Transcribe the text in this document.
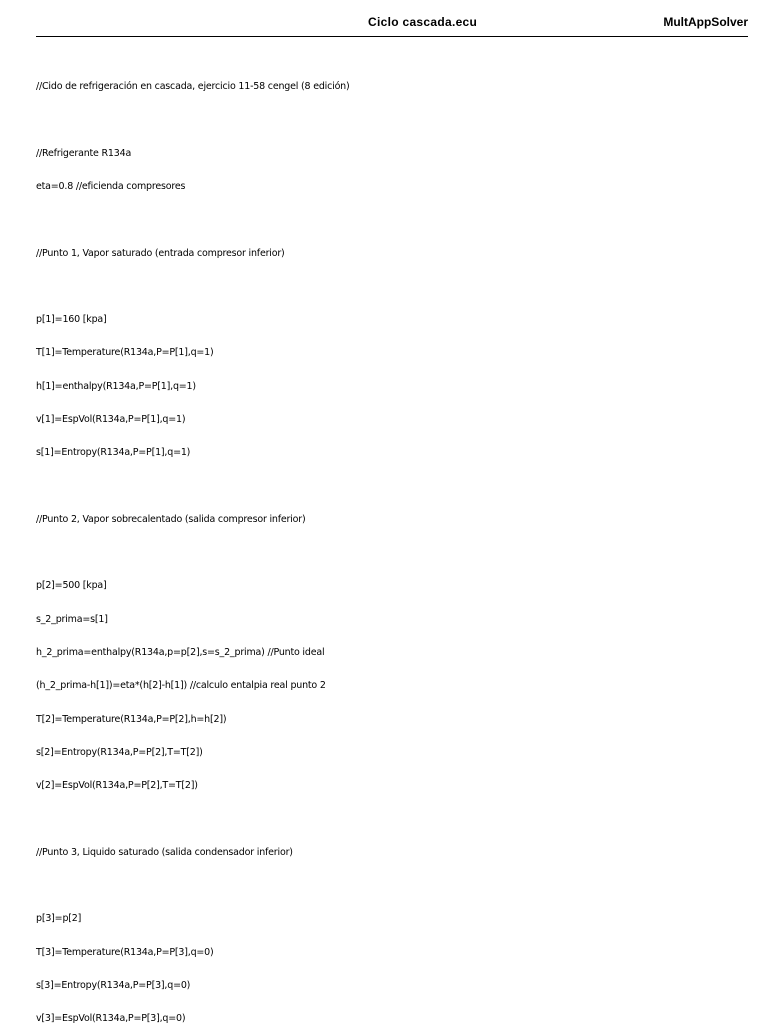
Ciclo cascada.ecu	MultAppSolver

//Cido de refrigeración en cascada, ejercicio 11-58 cengel (8 edición)

//Refrigerante R134a

eta=0.8 //eficienda compresores

//Punto 1, Vapor saturado (entrada compresor inferior)

p[1]=160 [kpa]

T[1]=Temperature(R134a,P=P[1],q=1)

h[1]=enthalpy(R134a,P=P[1],q=1)

v[1]=EspVol(R134a,P=P[1],q=1)

s[1]=Entropy(R134a,P=P[1],q=1)

//Punto 2, Vapor sobrecalentado (salida compresor inferior)

p[2]=500 [kpa]

s_2_prima=s[1]

h_2_prima=enthalpy(R134a,p=p[2],s=s_2_prima) //Punto ideal

(h_2_prima-h[1])=eta*(h[2]-h[1]) //calculo entalpia real punto 2

T[2]=Temperature(R134a,P=P[2],h=h[2])

s[2]=Entropy(R134a,P=P[2],T=T[2])

v[2]=EspVol(R134a,P=P[2],T=T[2])

//Punto 3, Liquido saturado (salida condensador inferior)

p[3]=p[2]

T[3]=Temperature(R134a,P=P[3],q=0)

s[3]=Entropy(R134a,P=P[3],q=0)

v[3]=EspVol(R134a,P=P[3],q=0)
